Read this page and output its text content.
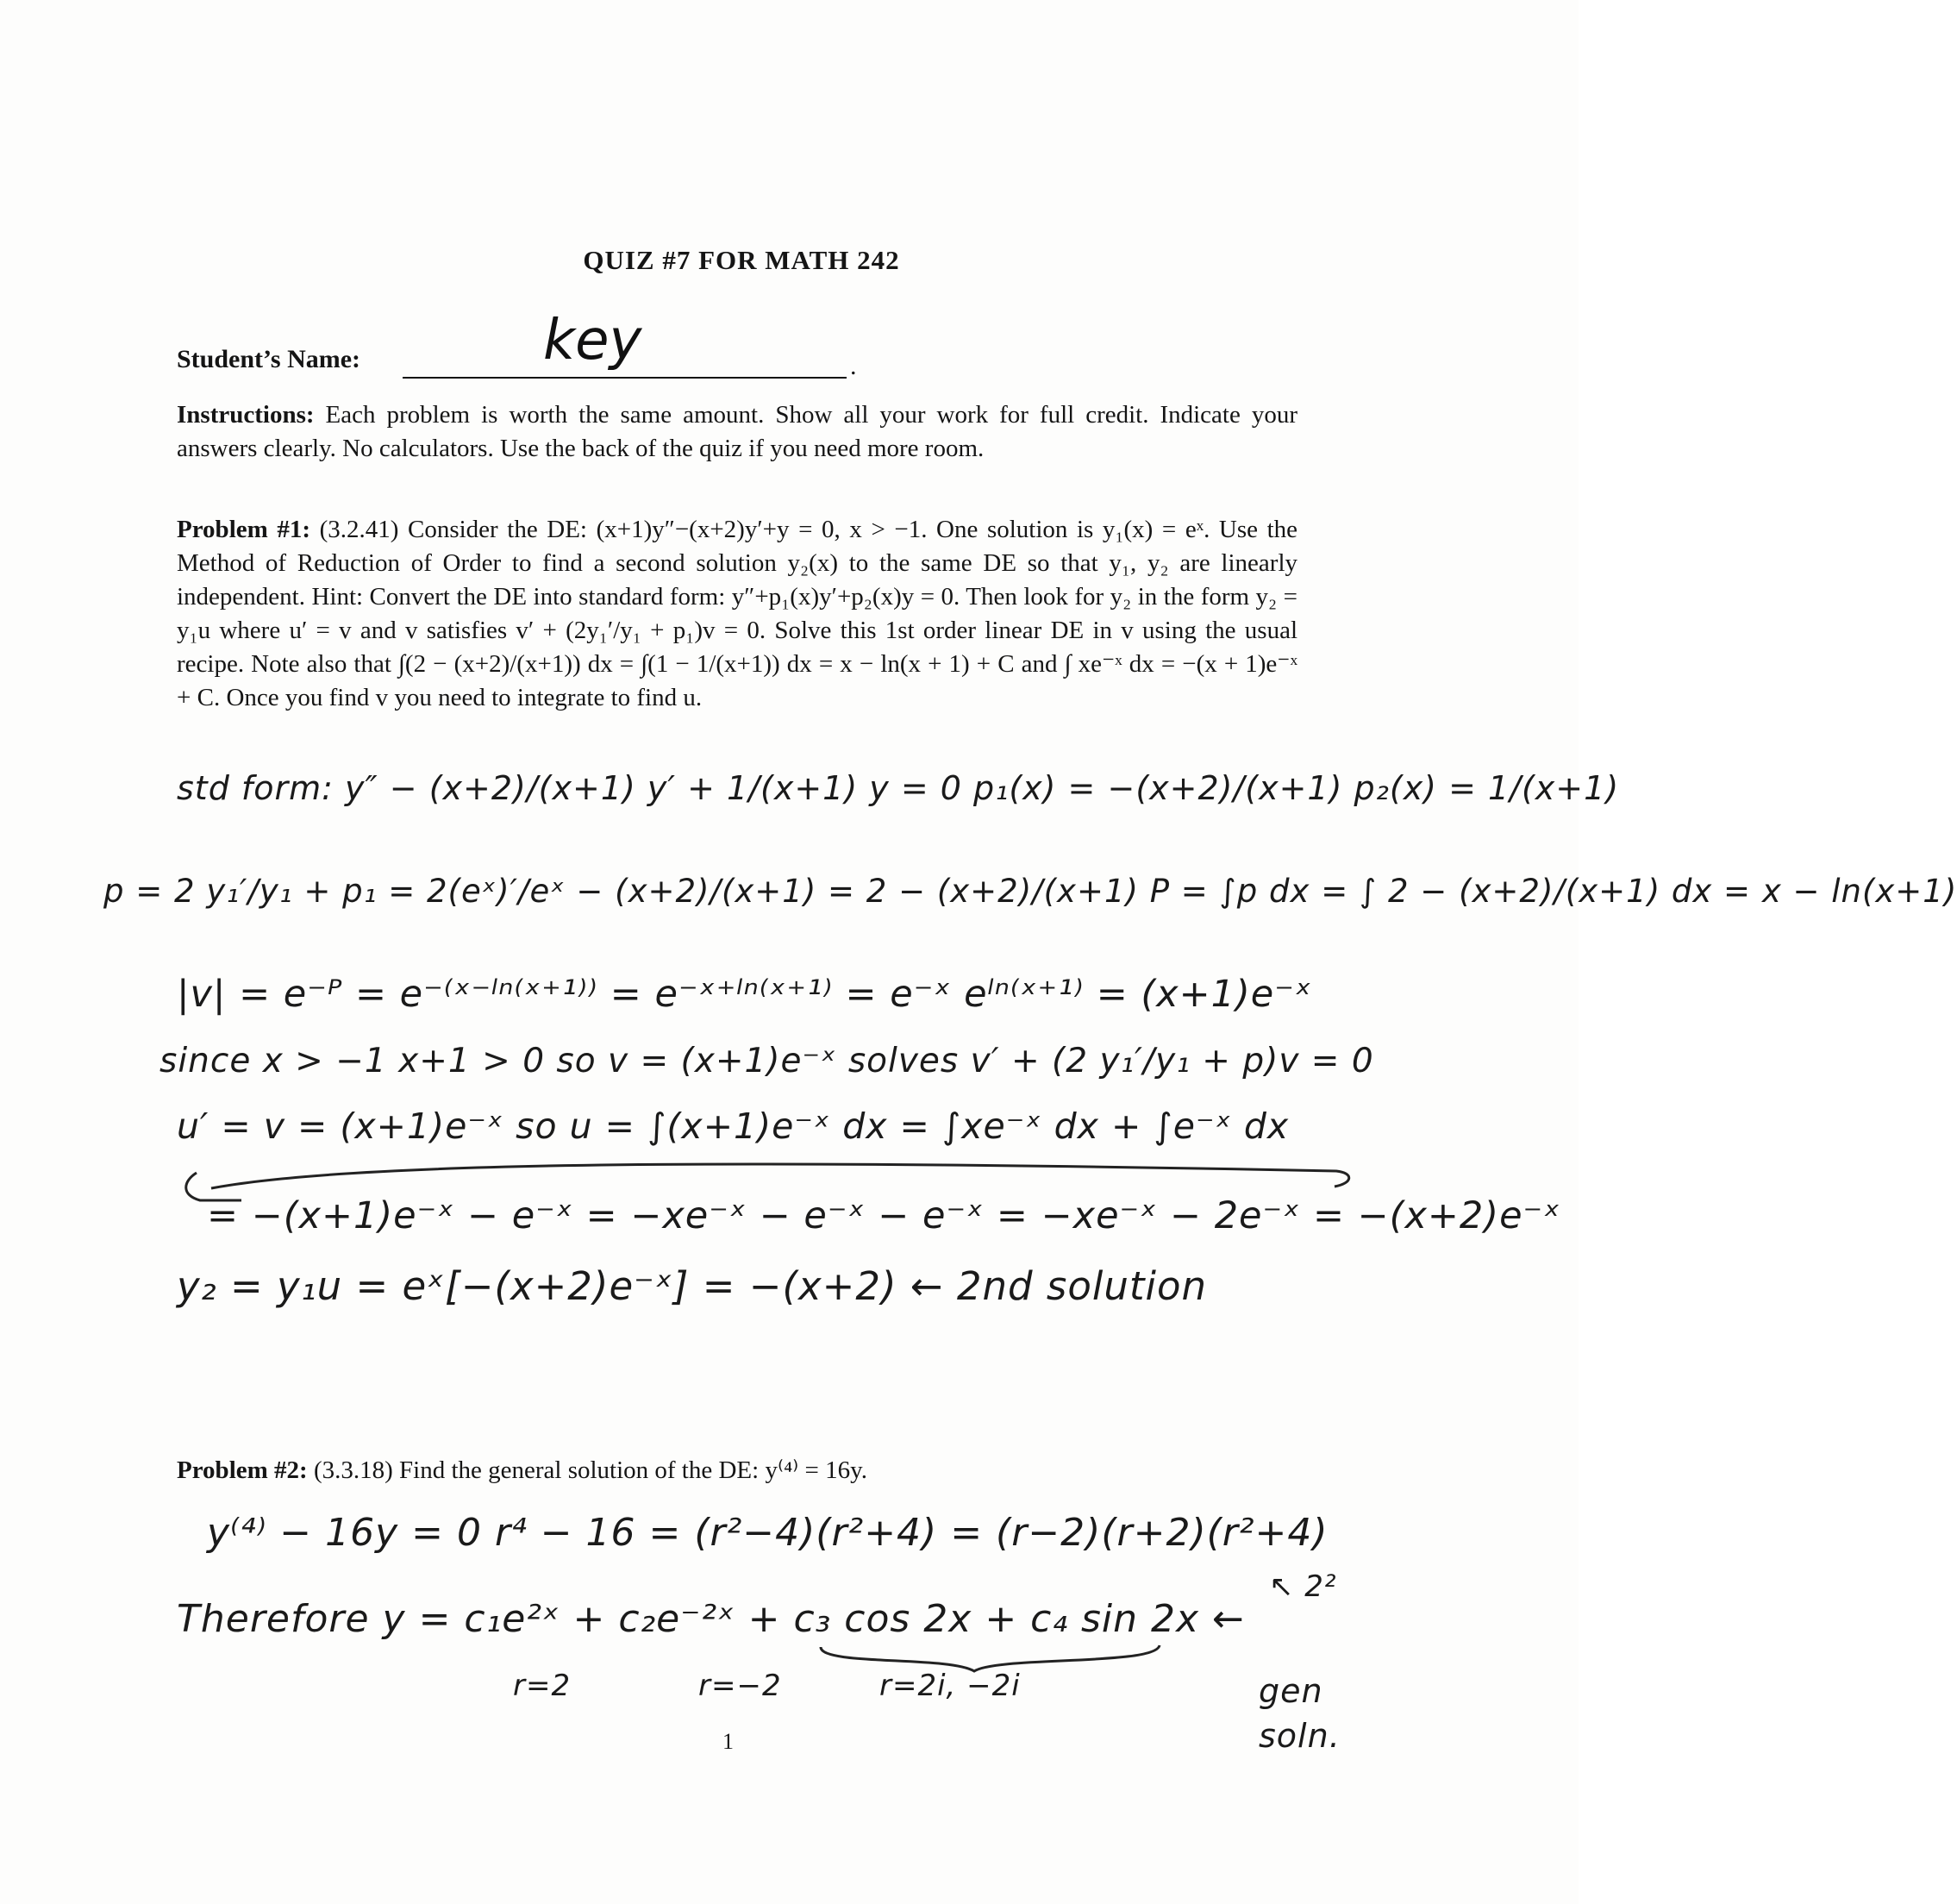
QUIZ #7 FOR MATH 242
Student’s Name:	key	.
Instructions: Each problem is worth the same amount. Show all your work for full credit. Indicate your answers clearly. No calculators. Use the back of the quiz if you need more room.
Problem #1: (3.2.41) Consider the DE: (x+1)y″−(x+2)y′+y = 0, x > −1. One solution is y₁(x) = eˣ. Use the Method of Reduction of Order to find a second solution y₂(x) to the same DE so that y₁, y₂ are linearly independent. Hint: Convert the DE into standard form: y″+p₁(x)y′+p₂(x)y = 0. Then look for y₂ in the form y₂ = y₁u where u′ = v and v satisfies v′ + (2y₁′/y₁ + p₁)v = 0. Solve this 1st order linear DE in v using the usual recipe. Note also that ∫(2 − (x+2)/(x+1)) dx = ∫(1 − 1/(x+1)) dx = x − ln(x + 1) + C and ∫ xe⁻ˣ dx = −(x + 1)e⁻ˣ + C. Once you find v you need to integrate to find u.
std form: y″ − (x+2)/(x+1) y′ + 1/(x+1) y = 0 p₁(x) = −(x+2)/(x+1) p₂(x) = 1/(x+1)
p = 2 y₁′/y₁ + p₁ = 2(eˣ)′/eˣ − (x+2)/(x+1) = 2 − (x+2)/(x+1) P = ∫p dx = ∫ 2 − (x+2)/(x+1) dx = x − ln(x+1)
|v| = e⁻ᴾ = e⁻⁽ˣ⁻ˡⁿ⁽ˣ⁺¹⁾⁾ = e⁻ˣ⁺ˡⁿ⁽ˣ⁺¹⁾ = e⁻ˣ eˡⁿ⁽ˣ⁺¹⁾ = (x+1)e⁻ˣ
since x > −1 x+1 > 0 so v = (x+1)e⁻ˣ solves v′ + (2 y₁′/y₁ + p)v = 0
u′ = v = (x+1)e⁻ˣ so u = ∫(x+1)e⁻ˣ dx = ∫xe⁻ˣ dx + ∫e⁻ˣ dx
= −(x+1)e⁻ˣ − e⁻ˣ = −xe⁻ˣ − e⁻ˣ − e⁻ˣ = −xe⁻ˣ − 2e⁻ˣ = −(x+2)e⁻ˣ
y₂ = y₁u = eˣ[−(x+2)e⁻ˣ] = −(x+2) ← 2nd solution
Problem #2: (3.3.18) Find the general solution of the DE: y⁽⁴⁾ = 16y.
y⁽⁴⁾ − 16y = 0 r⁴ − 16 = (r²−4)(r²+4) = (r−2)(r+2)(r²+4)
↖ 2²
Therefore y = c₁e²ˣ + c₂e⁻²ˣ + c₃ cos 2x + c₄ sin 2x ←
r=2	r=−2	r=2i, −2i	gen soln.
1
